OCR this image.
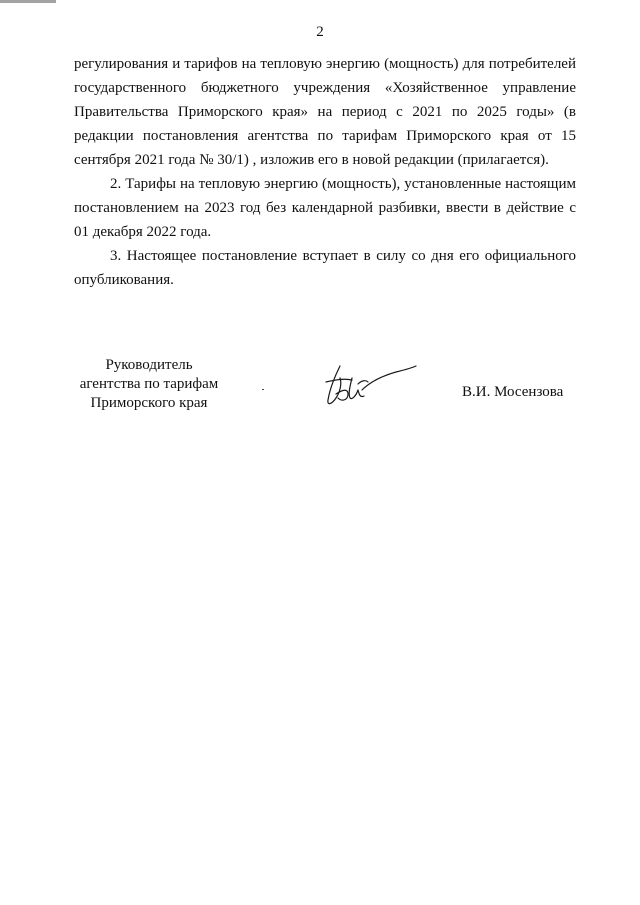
2

регулирования и тарифов на тепловую энергию (мощность) для потребителей государственного бюджетного учреждения «Хозяйственное управление Правительства Приморского края» на период с 2021 по 2025 годы» (в редакции постановления агентства по тарифам Приморского края от 15 сентября 2021 года № 30/1) , изложив его в новой редакции (прилагается).

2. Тарифы на тепловую энергию (мощность), установленные настоящим постановлением на 2023 год без календарной разбивки, ввести в действие с 01 декабря 2022 года.

3. Настоящее постановление вступает в силу со дня его официального опубликования.

Руководитель
агентства по тарифам
Приморского края
В.И. Мосензова
